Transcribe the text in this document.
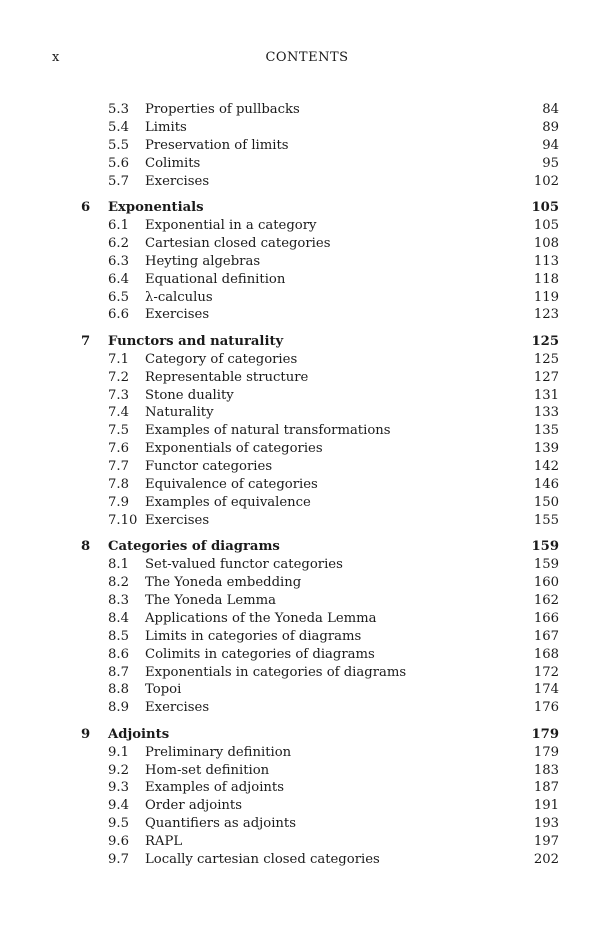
x	CONTENTS
5.3 Properties of pullbacks	84
5.4 Limits	89
5.5 Preservation of limits	94
5.6 Colimits	95
5.7 Exercises	102
6 Exponentials	105
6.1 Exponential in a category	105
6.2 Cartesian closed categories	108
6.3 Heyting algebras	113
6.4 Equational definition	118
6.5 λ-calculus	119
6.6 Exercises	123
7 Functors and naturality	125
7.1 Category of categories	125
7.2 Representable structure	127
7.3 Stone duality	131
7.4 Naturality	133
7.5 Examples of natural transformations	135
7.6 Exponentials of categories	139
7.7 Functor categories	142
7.8 Equivalence of categories	146
7.9 Examples of equivalence	150
7.10 Exercises	155
8 Categories of diagrams	159
8.1 Set-valued functor categories	159
8.2 The Yoneda embedding	160
8.3 The Yoneda Lemma	162
8.4 Applications of the Yoneda Lemma	166
8.5 Limits in categories of diagrams	167
8.6 Colimits in categories of diagrams	168
8.7 Exponentials in categories of diagrams	172
8.8 Topoi	174
8.9 Exercises	176
9 Adjoints	179
9.1 Preliminary definition	179
9.2 Hom-set definition	183
9.3 Examples of adjoints	187
9.4 Order adjoints	191
9.5 Quantifiers as adjoints	193
9.6 RAPL	197
9.7 Locally cartesian closed categories	202
